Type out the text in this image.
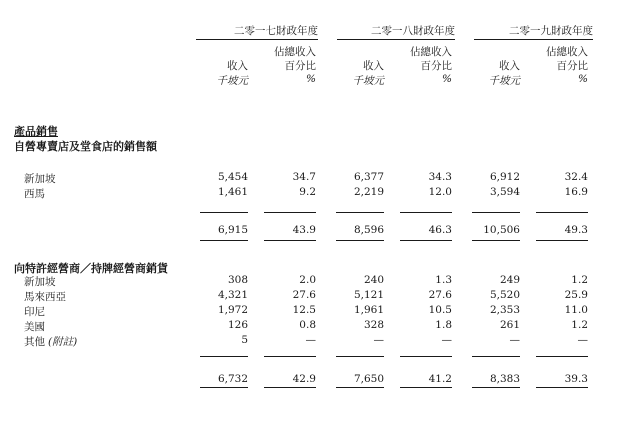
二零一七財政年度	二零一八財政年度	二零一九財政年度
佔總收入	佔總收入	佔總收入
收入	百分比	收入	百分比	收入	百分比
千坡元	%	千坡元	%	千坡元	%
產品銷售
自營專賣店及堂食店的銷售額
新加坡	5,454	34.7	6,377	34.3	6,912	32.4
西馬	1,461	9.2	2,219	12.0	3,594	16.9
6,915	43.9	8,596	46.3	10,506	49.3
向特許經營商／持牌經營商銷貨
新加坡	308	2.0	240	1.3	249	1.2
馬來西亞	4,321	27.6	5,121	27.6	5,520	25.9
印尼	1,972	12.5	1,961	10.5	2,353	11.0
美國	126	0.8	328	1.8	261	1.2
其他 (附註)	5	—	—	—	—	—
6,732	42.9	7,650	41.2	8,383	39.3
